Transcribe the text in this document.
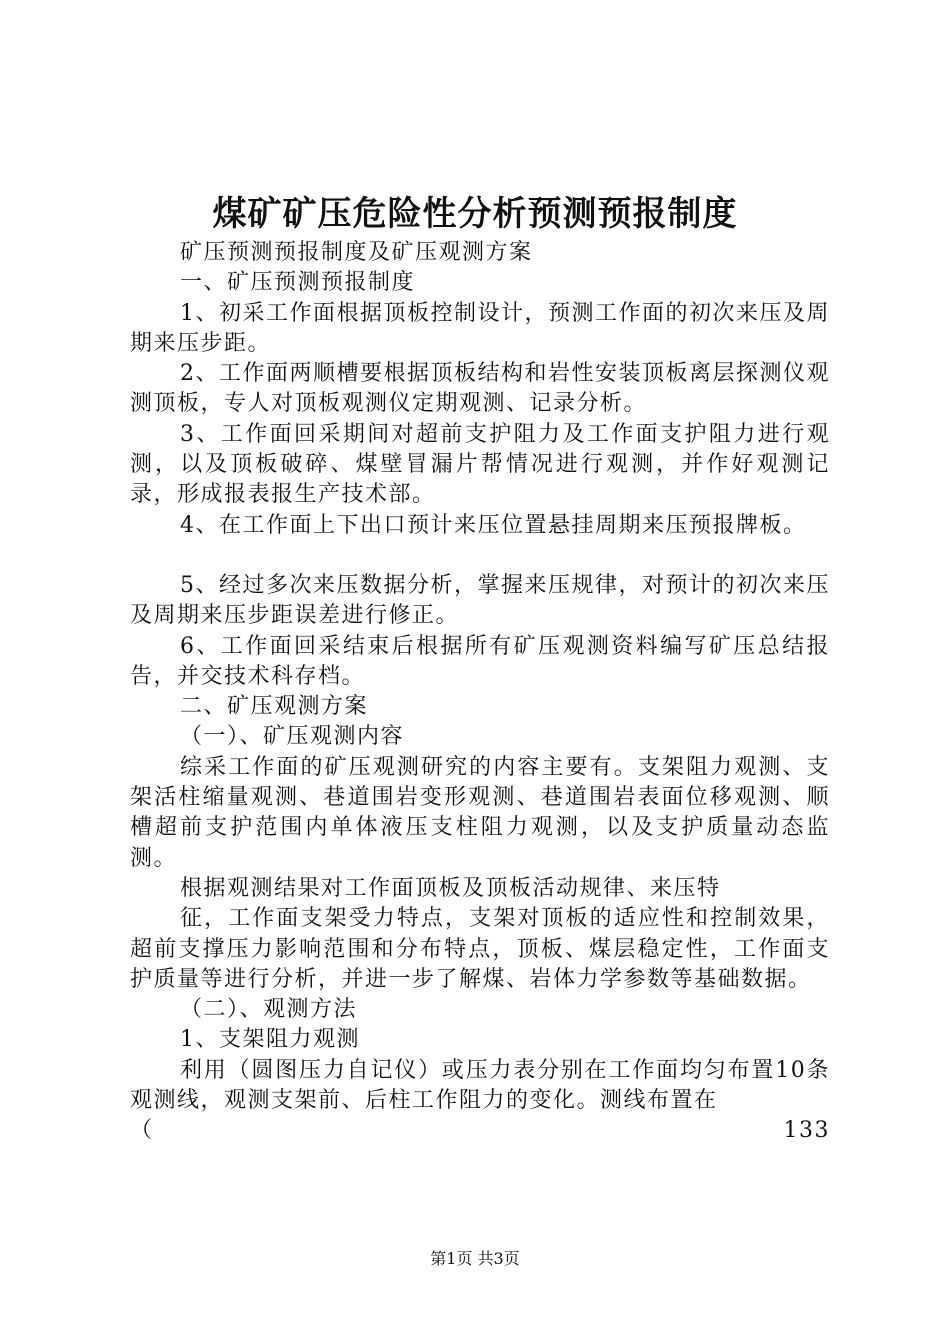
煤矿矿压危险性分析预测预报制度

矿压预测预报制度及矿压观测方案

一、矿压预测预报制度

1、初采工作面根据顶板控制设计，预测工作面的初次来压及周期来压步距。

2、工作面两顺槽要根据顶板结构和岩性安装顶板离层探测仪观测顶板，专人对顶板观测仪定期观测、记录分析。

3、工作面回采期间对超前支护阻力及工作面支护阻力进行观测，以及顶板破碎、煤壁冒漏片帮情况进行观测，并作好观测记录，形成报表报生产技术部。

4、在工作面上下出口预计来压位置悬挂周期来压预报牌板。

5、经过多次来压数据分析，掌握来压规律，对预计的初次来压及周期来压步距误差进行修正。

6、工作面回采结束后根据所有矿压观测资料编写矿压总结报告，并交技术科存档。

二、矿压观测方案

（一）、矿压观测内容

综采工作面的矿压观测研究的内容主要有。支架阻力观测、支架活柱缩量观测、巷道围岩变形观测、巷道围岩表面位移观测、顺槽超前支护范围内单体液压支柱阻力观测，以及支护质量动态监测。

根据观测结果对工作面顶板及顶板活动规律、来压特

征，工作面支架受力特点，支架对顶板的适应性和控制效果，超前支撑压力影响范围和分布特点，顶板、煤层稳定性，工作面支护质量等进行分析，并进一步了解煤、岩体力学参数等基础数据。

（二）、观测方法

1、支架阻力观测

利用（圆图压力自记仪）或压力表分别在工作面均匀布置10条观测线，观测支架前、后柱工作阻力的变化。测线布置在

（	133
第1页 共3页
